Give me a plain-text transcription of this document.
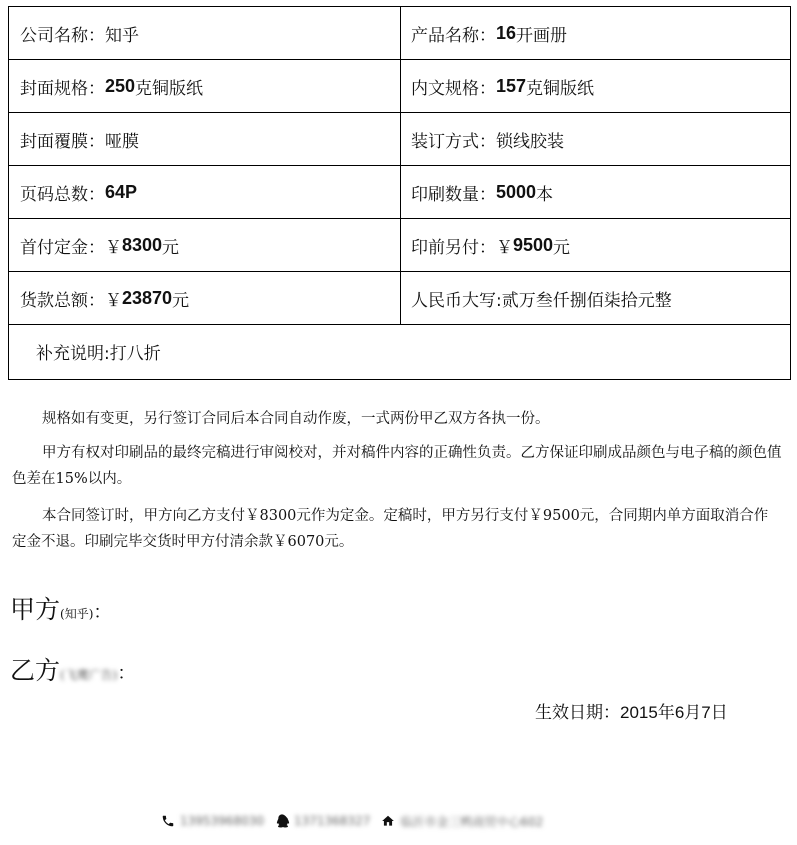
公司名称： 知乎	产品名称： 16 开画册
封面规格： 250 克铜版纸	内文规格： 157 克铜版纸
封面覆膜： 哑膜	装订方式： 锁线胶装
页码总数： 64P	印刷数量： 5000 本
首付定金： ￥ 8300 元	印前另付： ￥ 9500 元
货款总额： ￥ 23870 元	人民币大写: 贰万叁仟捌佰柒拾元整
补充说明:打八折
规格如有变更，另行签订合同后本合同自动作废，一式两份甲乙双方各执一份。
甲方有权对印刷品的最终完稿进行审阅校对，并对稿件内容的正确性负责。乙方保证印刷成品颜色与电子稿的颜色值色差在15%以内。
本合同签订时，甲方向乙方支付￥8300元作为定金。定稿时，甲方另行支付￥9500元，合同期内单方面取消合作定金不退。印刷完毕交货时甲方付清余款￥6070元。
甲方(知乎)：
乙方(飞鹰广告)：
生效日期：2015年6月7日
13953968030	1371368327	临沂市金三鸭商贸中心602
